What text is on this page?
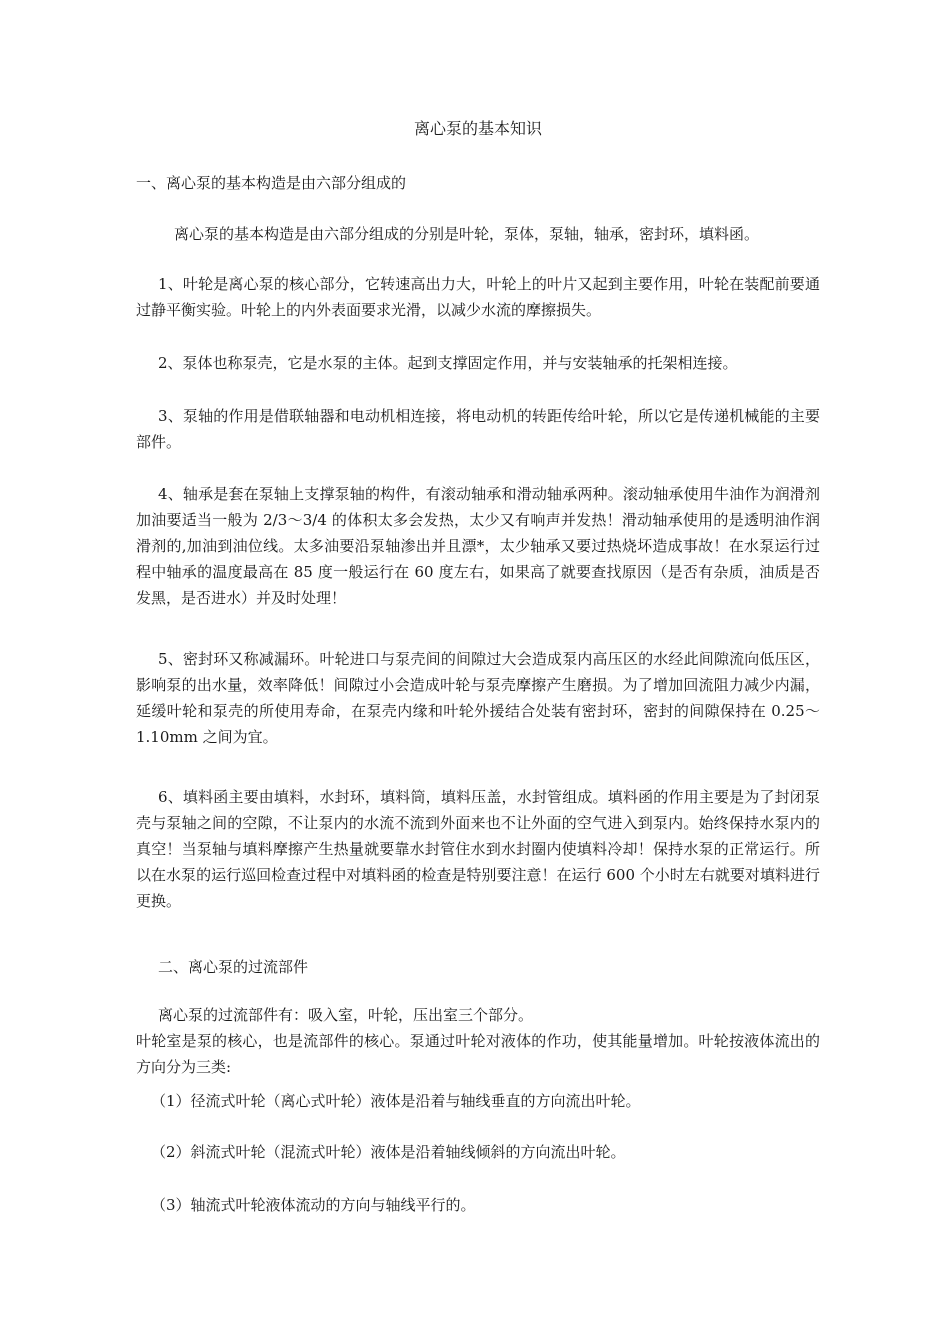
离心泵的基本知识

一、离心泵的基本构造是由六部分组成的

离心泵的基本构造是由六部分组成的分别是叶轮，泵体，泵轴，轴承，密封环，填料函。

1、叶轮是离心泵的核心部分，它转速高出力大，叶轮上的叶片又起到主要作用，叶轮在装配前要通过静平衡实验。叶轮上的内外表面要求光滑，以减少水流的摩擦损失。

2、泵体也称泵壳，它是水泵的主体。起到支撑固定作用，并与安装轴承的托架相连接。

3、泵轴的作用是借联轴器和电动机相连接，将电动机的转距传给叶轮，所以它是传递机械能的主要部件。

4、轴承是套在泵轴上支撑泵轴的构件，有滚动轴承和滑动轴承两种。滚动轴承使用牛油作为润滑剂加油要适当一般为 2/3～3/4 的体积太多会发热，太少又有响声并发热！滑动轴承使用的是透明油作润滑剂的,加油到油位线。太多油要沿泵轴渗出并且漂*，太少轴承又要过热烧坏造成事故！在水泵运行过程中轴承的温度最高在 85 度一般运行在 60 度左右，如果高了就要查找原因（是否有杂质，油质是否发黑，是否进水）并及时处理！

5、密封环又称减漏环。叶轮进口与泵壳间的间隙过大会造成泵内高压区的水经此间隙流向低压区，影响泵的出水量，效率降低！间隙过小会造成叶轮与泵壳摩擦产生磨损。为了增加回流阻力减少内漏，延缓叶轮和泵壳的所使用寿命，在泵壳内缘和叶轮外援结合处装有密封环，密封的间隙保持在 0.25～1.10mm 之间为宜。

6、填料函主要由填料，水封环，填料筒，填料压盖，水封管组成。填料函的作用主要是为了封闭泵壳与泵轴之间的空隙，不让泵内的水流不流到外面来也不让外面的空气进入到泵内。始终保持水泵内的真空！当泵轴与填料摩擦产生热量就要靠水封管住水到水封圈内使填料冷却！保持水泵的正常运行。所以在水泵的运行巡回检查过程中对填料函的检查是特别要注意！在运行 600 个小时左右就要对填料进行更换。

二、离心泵的过流部件

离心泵的过流部件有：吸入室，叶轮，压出室三个部分。

叶轮室是泵的核心，也是流部件的核心。泵通过叶轮对液体的作功，使其能量增加。叶轮按液体流出的方向分为三类:

（1）径流式叶轮（离心式叶轮）液体是沿着与轴线垂直的方向流出叶轮。

（2）斜流式叶轮（混流式叶轮）液体是沿着轴线倾斜的方向流出叶轮。

（3）轴流式叶轮液体流动的方向与轴线平行的。
